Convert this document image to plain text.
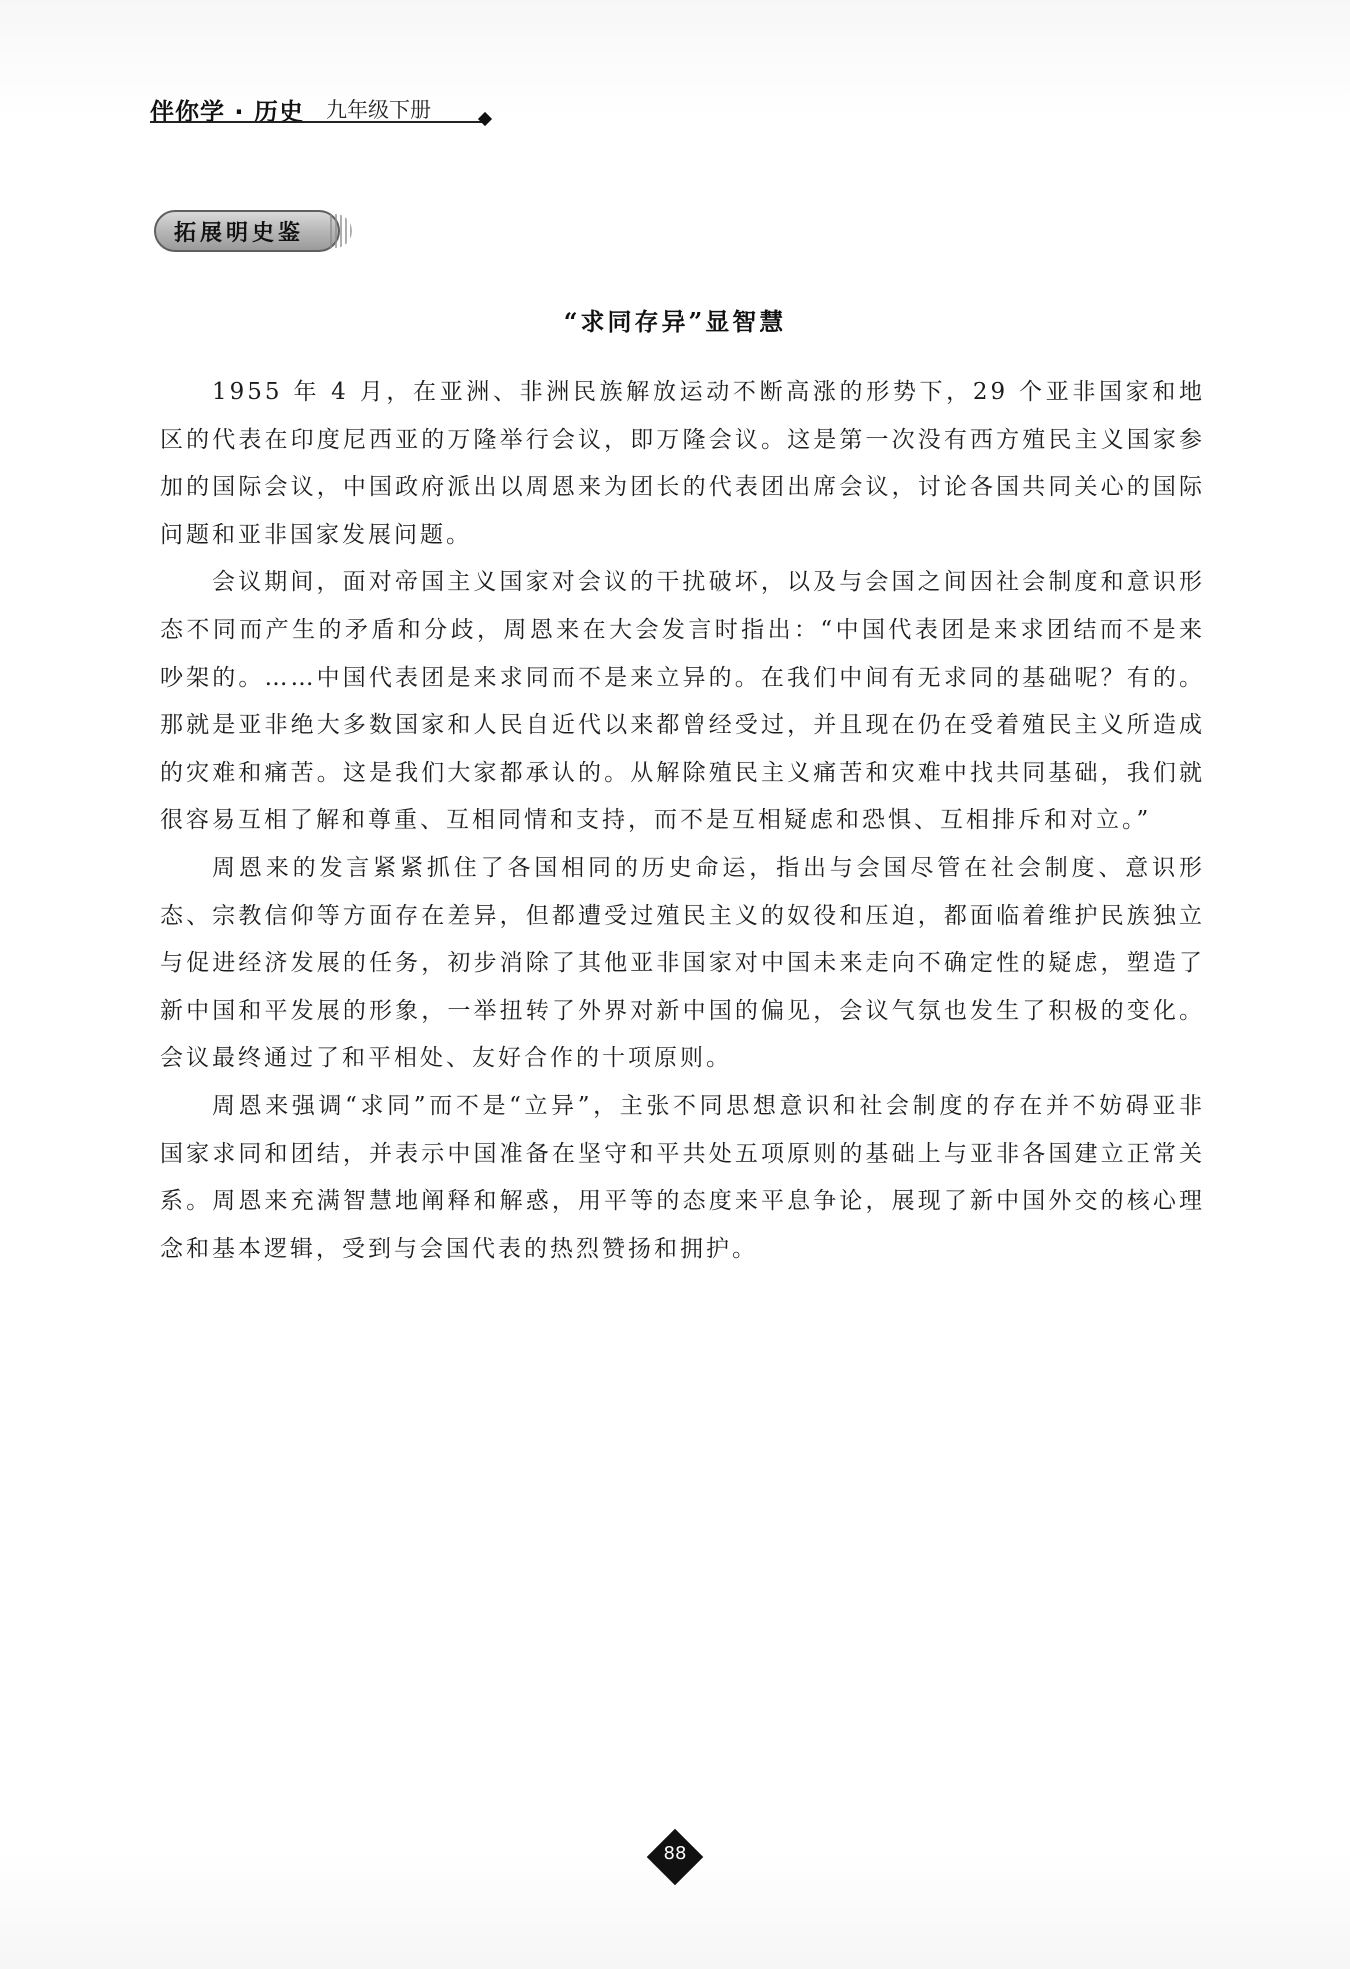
伴你学 · 历史 九年级下册
拓展明史鉴
“求同存异”显智慧

1955 年 4 月，在亚洲、非洲民族解放运动不断高涨的形势下，29 个亚非国家和地区的代表在印度尼西亚的万隆举行会议，即万隆会议。这是第一次没有西方殖民主义国家参加的国际会议，中国政府派出以周恩来为团长的代表团出席会议，讨论各国共同关心的国际问题和亚非国家发展问题。

会议期间，面对帝国主义国家对会议的干扰破坏，以及与会国之间因社会制度和意识形态不同而产生的矛盾和分歧，周恩来在大会发言时指出：“中国代表团是来求团结而不是来吵架的。……中国代表团是来求同而不是来立异的。在我们中间有无求同的基础呢？有的。那就是亚非绝大多数国家和人民自近代以来都曾经受过，并且现在仍在受着殖民主义所造成的灾难和痛苦。这是我们大家都承认的。从解除殖民主义痛苦和灾难中找共同基础，我们就很容易互相了解和尊重、互相同情和支持，而不是互相疑虑和恐惧、互相排斥和对立。”

周恩来的发言紧紧抓住了各国相同的历史命运，指出与会国尽管在社会制度、意识形态、宗教信仰等方面存在差异，但都遭受过殖民主义的奴役和压迫，都面临着维护民族独立与促进经济发展的任务，初步消除了其他亚非国家对中国未来走向不确定性的疑虑，塑造了新中国和平发展的形象，一举扭转了外界对新中国的偏见，会议气氛也发生了积极的变化。会议最终通过了和平相处、友好合作的十项原则。

周恩来强调“求同”而不是“立异”，主张不同思想意识和社会制度的存在并不妨碍亚非国家求同和团结，并表示中国准备在坚守和平共处五项原则的基础上与亚非各国建立正常关系。周恩来充满智慧地阐释和解惑，用平等的态度来平息争论，展现了新中国外交的核心理念和基本逻辑，受到与会国代表的热烈赞扬和拥护。

88
